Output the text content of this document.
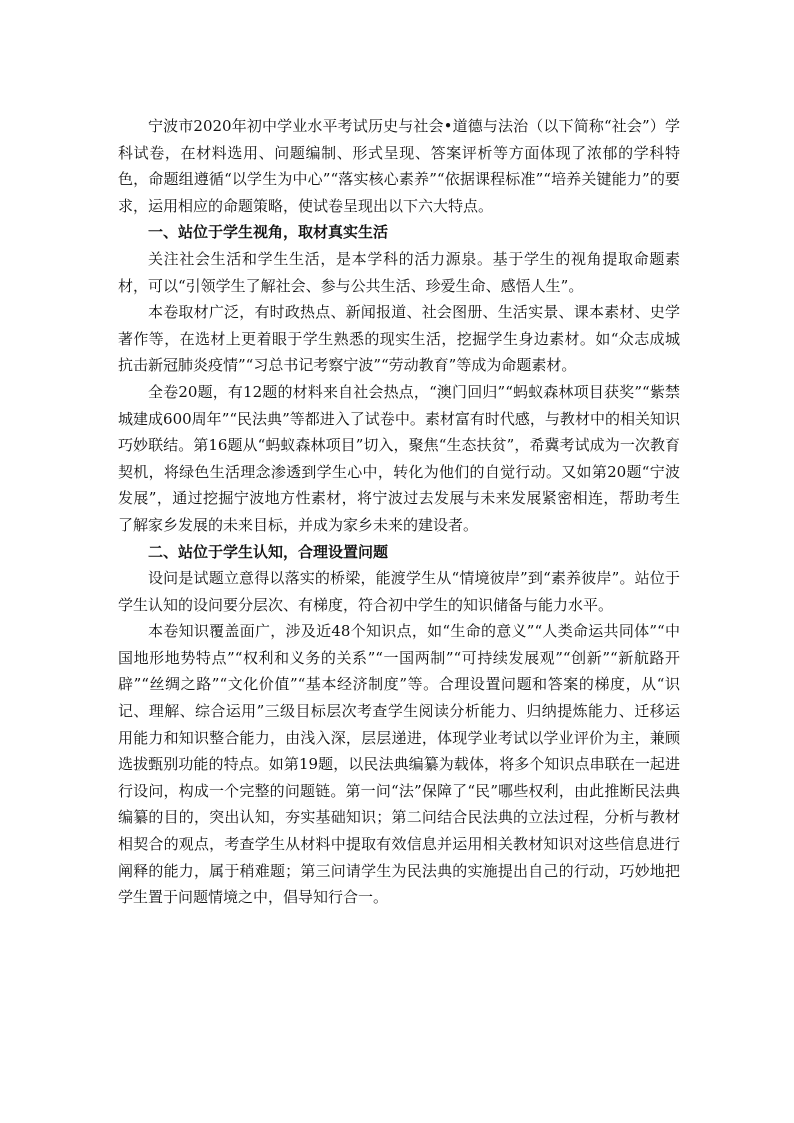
宁波市2020年初中学业水平考试历史与社会•道德与法治（以下简称“社会”）学科试卷，在材料选用、问题编制、形式呈现、答案评析等方面体现了浓郁的学科特色，命题组遵循“以学生为中心”“落实核心素养”“依据课程标准”“培养关键能力”的要求，运用相应的命题策略，使试卷呈现出以下六大特点。

一、站位于学生视角，取材真实生活

关注社会生活和学生生活，是本学科的活力源泉。基于学生的视角提取命题素材，可以“引领学生了解社会、参与公共生活、珍爱生命、感悟人生”。

本卷取材广泛，有时政热点、新闻报道、社会图册、生活实景、课本素材、史学著作等，在选材上更着眼于学生熟悉的现实生活，挖掘学生身边素材。如“众志成城抗击新冠肺炎疫情”“习总书记考察宁波”“劳动教育”等成为命题素材。

全卷20题，有12题的材料来自社会热点，“澳门回归”“蚂蚁森林项目获奖”“紫禁城建成600周年”“民法典”等都进入了试卷中。素材富有时代感，与教材中的相关知识巧妙联结。第16题从“蚂蚁森林项目”切入，聚焦“生态扶贫”，希冀考试成为一次教育契机，将绿色生活理念渗透到学生心中，转化为他们的自觉行动。又如第20题“宁波发展”，通过挖掘宁波地方性素材，将宁波过去发展与未来发展紧密相连，帮助考生了解家乡发展的未来目标，并成为家乡未来的建设者。

二、站位于学生认知，合理设置问题

设问是试题立意得以落实的桥梁，能渡学生从“情境彼岸”到“素养彼岸”。站位于学生认知的设问要分层次、有梯度，符合初中学生的知识储备与能力水平。

本卷知识覆盖面广，涉及近48个知识点，如“生命的意义”“人类命运共同体”“中国地形地势特点”“权利和义务的关系”“一国两制”“可持续发展观”“创新”“新航路开辟”“丝绸之路”“文化价值”“基本经济制度”等。合理设置问题和答案的梯度，从“识记、理解、综合运用”三级目标层次考查学生阅读分析能力、归纳提炼能力、迁移运用能力和知识整合能力，由浅入深，层层递进，体现学业考试以学业评价为主，兼顾选拔甄别功能的特点。如第19题，以民法典编纂为载体，将多个知识点串联在一起进行设问，构成一个完整的问题链。第一问“法”保障了“民”哪些权利，由此推断民法典编纂的目的，突出认知，夯实基础知识；第二问结合民法典的立法过程，分析与教材相契合的观点，考查学生从材料中提取有效信息并运用相关教材知识对这些信息进行阐释的能力，属于稍难题；第三问请学生为民法典的实施提出自己的行动，巧妙地把学生置于问题情境之中，倡导知行合一。
